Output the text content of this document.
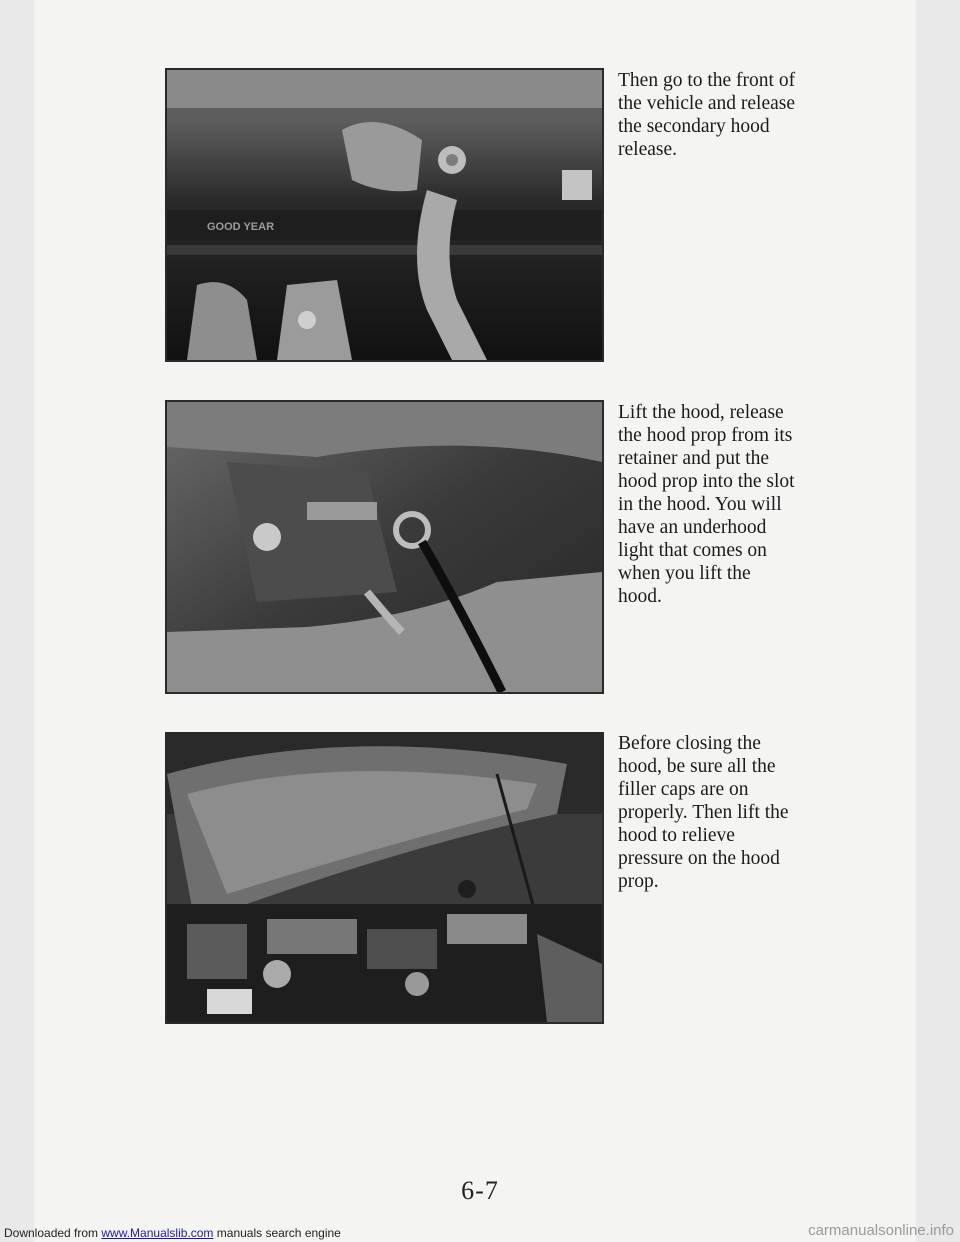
GOOD YEAR

Then go to the front of
the vehicle and release
the secondary hood
release.

Lift the hood, release
the hood prop from its
retainer and put the
hood prop into the slot
in the hood. You will
have an underhood
light that comes on
when you lift the
hood.

Before closing the
hood, be sure all the
filler caps are on
properly. Then lift the
hood to relieve
pressure on the hood
prop.

6-7
Downloaded from www.Manualslib.com manuals search engine	carmanualsonline.info
